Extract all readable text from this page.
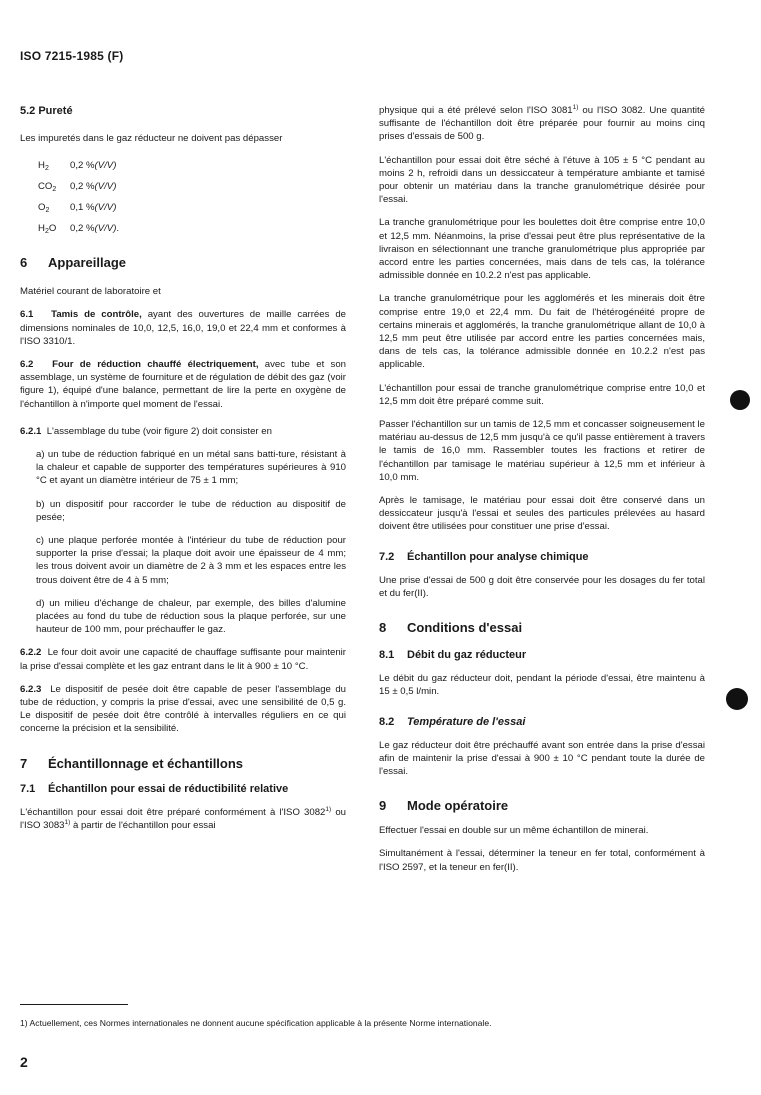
ISO 7215-1985 (F)
5.2 Pureté

Les impuretés dans le gaz réducteur ne doivent pas dépasser

$H_2$	0,2 % (V/V)
$CO_2$	0,2 % (V/V)
$O_2$	0,1 % (V/V)
$H_2O$	0,2 % (V/V) .
6 Appareillage

Matériel courant de laboratoire et

6.1 Tamis de contrôle, ayant des ouvertures de maille carrées de dimensions nominales de 10,0, 12,5, 16,0, 19,0 et 22,4 mm et conformes à l'ISO 3310/1.

6.2 Four de réduction chauffé électriquement, avec tube et son assemblage, un système de fourniture et de régulation de débit des gaz (voir figure 1), équipé d'une balance, permettant de lire la perte en oxygène de l'échantillon à n'importe quel moment de l'essai.

6.2.1 L'assemblage du tube (voir figure 2) doit consister en

a) un tube de réduction fabriqué en un métal sans batti-ture, résistant à la chaleur et capable de supporter des températures supérieures à 910 °C et ayant un diamètre intérieur de 75 ± 1 mm;

b) un dispositif pour raccorder le tube de réduction au dispositif de pesée;

c) une plaque perforée montée à l'intérieur du tube de réduction pour supporter la prise d'essai; la plaque doit avoir une épaisseur de 4 mm; les trous doivent avoir un diamètre de 2 à 3 mm et les espaces entre les trous doivent être de 4 à 5 mm;

d) un milieu d'échange de chaleur, par exemple, des billes d'alumine placées au fond du tube de réduction sous la plaque perforée, sur une hauteur de 100 mm, pour préchauffer le gaz.

6.2.2 Le four doit avoir une capacité de chauffage suffisante pour maintenir la prise d'essai complète et les gaz entrant dans le lit à 900 ± 10 °C.

6.2.3 Le dispositif de pesée doit être capable de peser l'assemblage du tube de réduction, y compris la prise d'essai, avec une sensibilité de 0,5 g. Le dispositif de pesée doit être contrôlé à intervalles réguliers en ce qui concerne la précision et la sensibilité.

7 Échantillonnage et échantillons
7.1 Échantillon pour essai de réductibilité relative

L'échantillon pour essai doit être préparé conformément à l'ISO 3082$^{1)}$ ou l'ISO 3083$^{1)}$ à partir de l'échantillon pour essai

physique qui a été prélevé selon l'ISO 3081$^{1)}$ ou l'ISO 3082. Une quantité suffisante de l'échantillon doit être préparée pour fournir au moins cinq prises d'essais de 500 g.

L'échantillon pour essai doit être séché à l'étuve à 105 ± 5 °C pendant au moins 2 h, refroidi dans un dessiccateur à température ambiante et tamisé pour obtenir un matériau dans la tranche granulométrique désirée pour l'essai.

La tranche granulométrique pour les boulettes doit être comprise entre 10,0 et 12,5 mm. Néanmoins, la prise d'essai peut être plus représentative de la livraison en sélectionnant une tranche granulométrique plus appropriée par accord entre les parties concernées, mais dans de tels cas, la tolérance admissible donnée en 10.2.2 n'est pas applicable.

La tranche granulométrique pour les agglomérés et les minerais doit être comprise entre 19,0 et 22,4 mm. Du fait de l'hétérogénéité propre de certains minerais et agglomérés, la tranche granulométrique allant de 10,0 à 12,5 mm peut être utilisée par accord entre les parties concernées mais, dans de tels cas, la tolérance admissible donnée en 10.2.2 n'est pas applicable.

L'échantillon pour essai de tranche granulométrique comprise entre 10,0 et 12,5 mm doit être préparé comme suit.

Passer l'échantillon sur un tamis de 12,5 mm et concasser soigneusement le matériau au-dessus de 12,5 mm jusqu'à ce qu'il passe entièrement à travers le tamis de 16,0 mm. Rassembler toutes les fractions et retirer de l'échantillon par tamisage le matériau supérieur à 12,5 mm et inférieur à 10,0 mm.

Après le tamisage, le matériau pour essai doit être conservé dans un dessiccateur jusqu'à l'essai et seules des particules prélevées au hasard doivent être utilisées pour constituer une prise d'essai.

7.2 Échantillon pour analyse chimique

Une prise d'essai de 500 g doit être conservée pour les dosages du fer total et du fer(II).

8 Conditions d'essai
8.1 Débit du gaz réducteur

Le débit du gaz réducteur doit, pendant la période d'essai, être maintenu à 15 ± 0,5 l/min.

8.2 Température de l'essai

Le gaz réducteur doit être préchauffé avant son entrée dans la prise d'essai afin de maintenir la prise d'essai à 900 ± 10 °C pendant toute la durée de l'essai.

9 Mode opératoire

Effectuer l'essai en double sur un même échantillon de minerai.

Simultanément à l'essai, déterminer la teneur en fer total, conformément à l'ISO 2597, et la teneur en fer(II).

1) Actuellement, ces Normes internationales ne donnent aucune spécification applicable à la présente Norme internationale.
2
